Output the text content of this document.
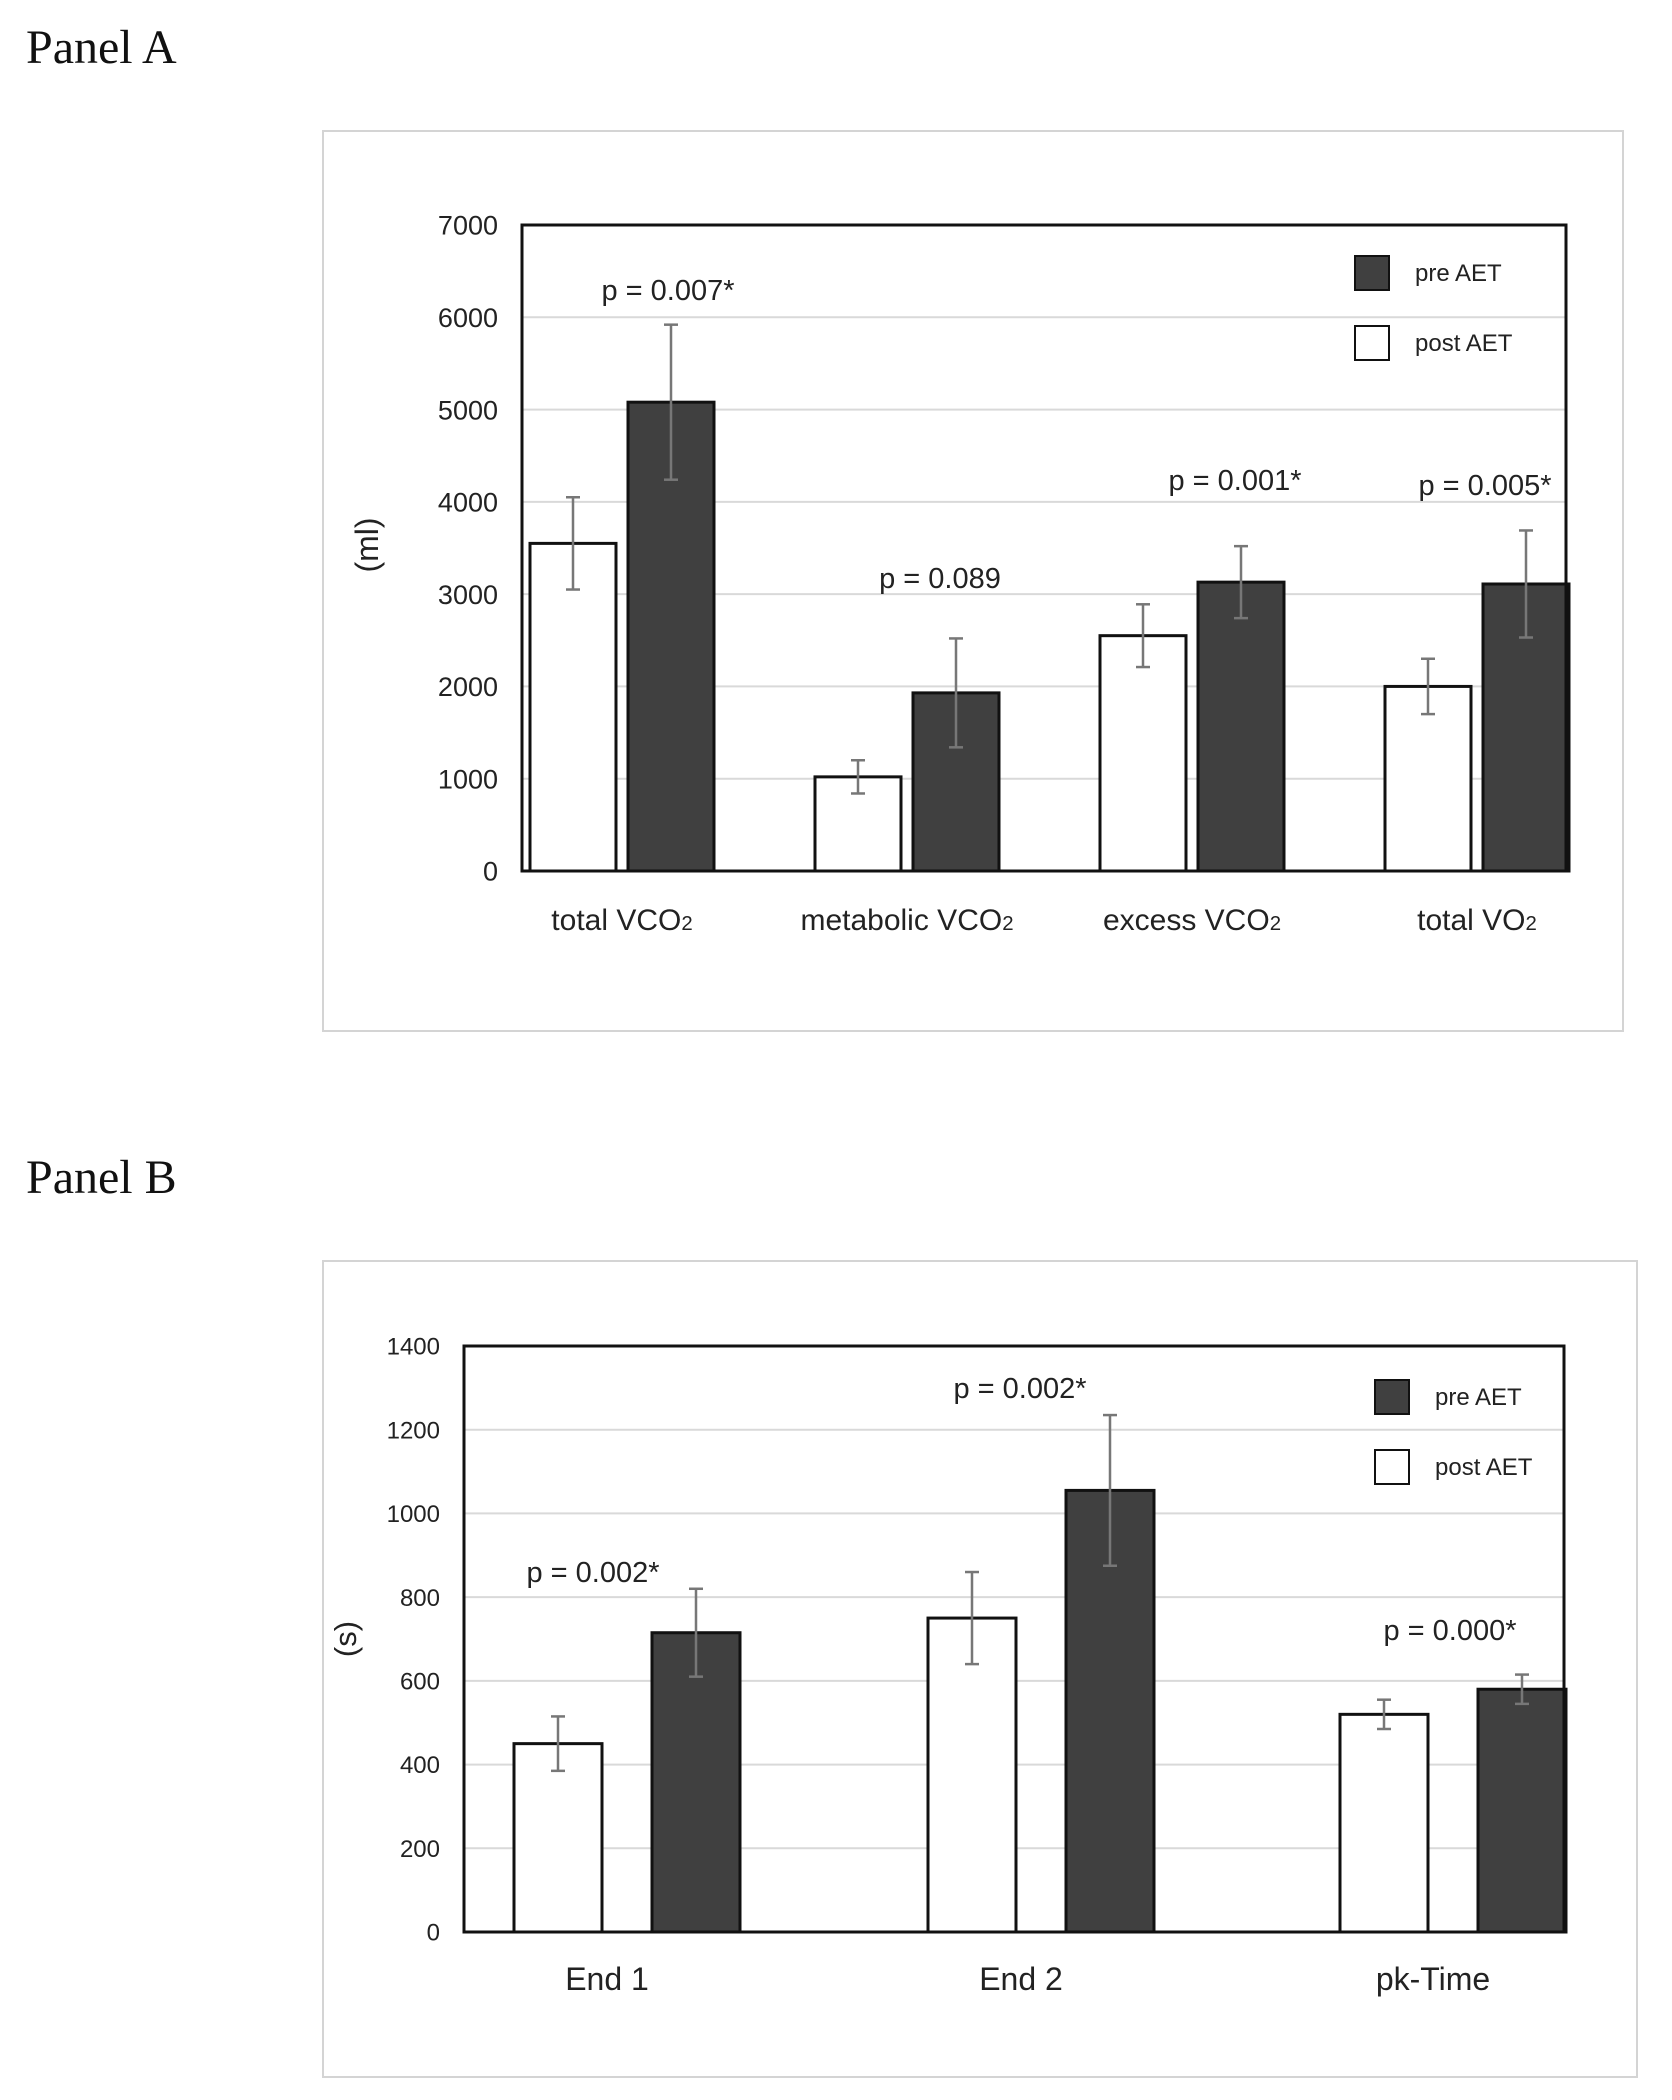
Panel A
total VCO2
p = 0.007*
metabolic VCO2
p = 0.089
excess VCO2
p = 0.001*
total VO2
p = 0.005*
0
1000
2000
3000
4000
5000
6000
7000
(ml)
pre AET
post AET
Panel B
End 1
p = 0.002*
End 2
p = 0.002*
pk-Time
p = 0.000*
0
200
400
600
800
1000
1200
1400
(s)
pre AET
post AET
